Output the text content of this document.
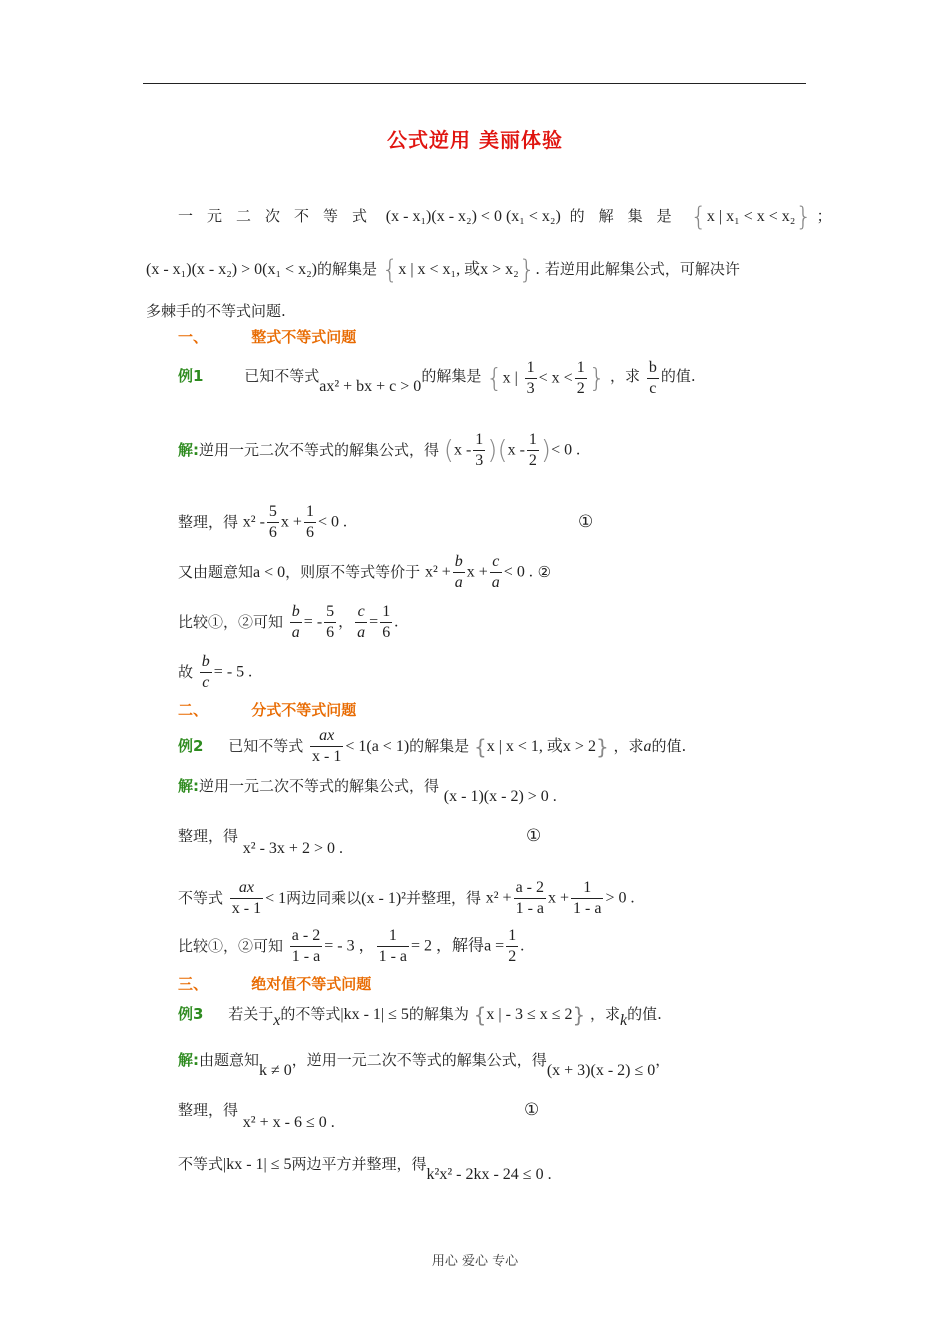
公式逆用 美丽体验
一元二次不等式 (x - x₁)(x - x₂) < 0 (x₁ < x₂) 的解集是 {x | x₁ < x < x₂} ；
(x - x₁)(x - x₂) > 0(x₁ < x₂)的解集是 {x | x < x₁, 或x > x₂}. 若逆用此解集公式，可解决许
多棘手的不等式问题.
一、	整式不等式问题
例1	已知不等式ax² + bx + c > 0的解集是 {x | $\frac{1}{3} < x < \frac{1}{2}$ } ，求 $\frac{b}{c}$ 的值.
解:逆用一元二次不等式的解集公式，得 $(x - \frac{1}{3} )(x - \frac{1}{2}$ )< 0 .
整理，得 $x^2 - \frac{5}{6}$ $x + \frac{1}{6} < 0$ .	①
又由题意知a < 0，则原不等式等价于 $x^2 + \frac{b}{a}$ $x + \frac{c}{a} < 0$ . ②
比较①，②可知 $\frac{b}{a}$ = - $\frac{5}{6}$ ， $\frac{c}{a} = \frac{1}{6}$ .
故 $\frac{b}{c}$ = - 5 .
二、	分式不等式问题
例2 已知不等式 $\frac{ax}{x - 1} < 1(a < 1)$的解集是 {x | x < 1, 或x > 2} ，求a的值.
解:逆用一元二次不等式的解集公式，得 (x - 1)(x - 2) > 0 .
整理，得 x² - 3x + 2 > 0 .
①
不等式 $\frac{ax}{x - 1} < 1$两边同乘以(x - 1)²并整理，得 $x^2 + \frac{a - 2}{1 - a}$ $x + \frac{1}{1 - a} > 0$ .
比较①，②可知 $\frac{a - 2}{1 - a}$ = - 3 ， $\frac{1}{1 - a} = 2$ ，解得$a = \frac{1}{2}$ .
三、	绝对值不等式问题
例3 若关于x的不等式|kx - 1| ≤ 5的解集为 {x | - 3 ≤ x ≤ 2} ，求k的值.
解:由题意知k ≠ 0，逆用一元二次不等式的解集公式，得(x + 3)(x - 2) ≤ 0，
整理，得 x² + x - 6 ≤ 0 .
①
不等式|kx - 1| ≤ 5两边平方并整理，得k²x² - 2kx - 24 ≤ 0 .
用心 爱心 专心
